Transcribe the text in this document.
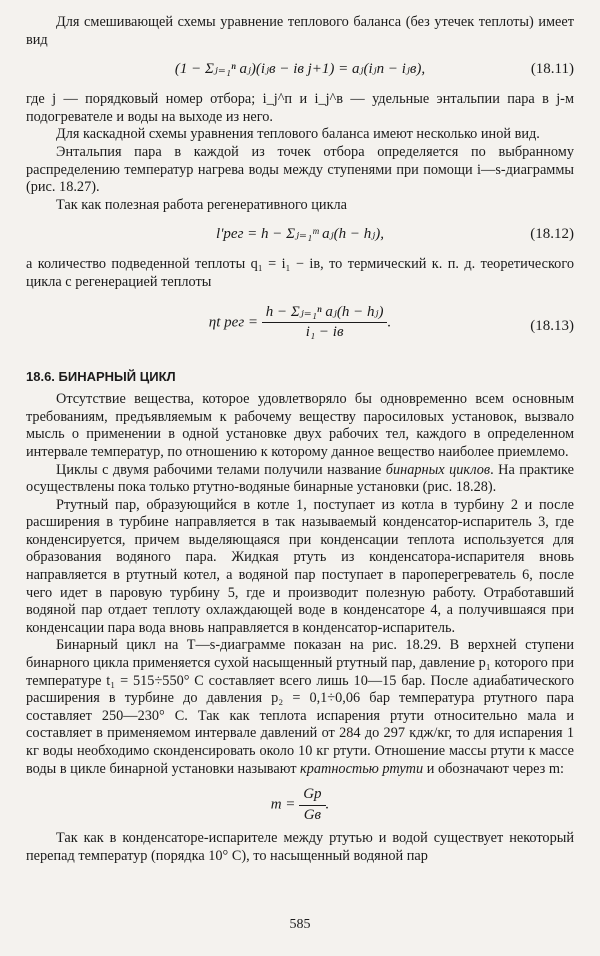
Для смешивающей схемы уравнение теплового баланса (без утечек теплоты) имеет вид

(1 − Σⱼ₌₁ⁿ aⱼ)(iⱼв − iв j+1) = aⱼ(iⱼп − iⱼв),	(18.11)

где j — порядковый номер отбора; i_j^п и i_j^в — удельные энтальпии пара в j-м подогревателе и воды на выходе из него.

Для каскадной схемы уравнения теплового баланса имеют несколько иной вид.

Энтальпия пара в каждой из точек отбора определяется по выбранному распределению температур нагрева воды между ступенями при помощи i—s-диаграммы (рис. 18.27).

Так как полезная работа регенеративного цикла

l'рег = h − Σⱼ₌₁ᵐ aⱼ(h − hⱼ),	(18.12)

а количество подведенной теплоты q₁ = i₁ − iв, то термический к. п. д. теоретического цикла с регенерацией теплоты

ηt рег = $\frac{\text{h − Σⱼ₌₁ⁿ aⱼ(h − hⱼ)}}{\text{i₁ − iв}}$ .	(18.13)
18.6. БИНАРНЫЙ ЦИКЛ

Отсутствие вещества, которое удовлетворяло бы одновременно всем основным требованиям, предъявляемым к рабочему веществу паросиловых установок, вызвало мысль о применении в одной установке двух рабочих тел, каждого в определенном интервале температур, по отношению к которому данное вещество наиболее приемлемо.

Циклы с двумя рабочими телами получили название бинарных циклов. На практике осуществлены пока только ртутно-водяные бинарные установки (рис. 18.28).

Ртутный пар, образующийся в котле 1, поступает из котла в турбину 2 и после расширения в турбине направляется в так называемый конденсатор-испаритель 3, где конденсируется, причем выделяющаяся при конденсации теплота используется для образования водяного пара. Жидкая ртуть из конденсатора-испарителя вновь направляется в ртутный котел, а водяной пар поступает в пароперегреватель 6, после чего идет в паровую турбину 5, где и производит полезную работу. Отработавший водяной пар отдает теплоту охлаждающей воде в конденсаторе 4, а получившаяся при конденсации пара вода вновь направляется в конденсатор-испаритель.

Бинарный цикл на T—s-диаграмме показан на рис. 18.29. В верхней ступени бинарного цикла применяется сухой насыщенный ртутный пар, давление p₁ которого при температуре t₁ = 515÷550° С составляет всего лишь 10—15 бар. После адиабатического расширения в турбине до давления p₂ = 0,1÷0,06 бар температура ртутного пара составляет 250—230° С. Так как теплота испарения ртути относительно мала и составляет в применяемом интервале давлений от 284 до 297 кдж/кг, то для испарения 1 кг воды необходимо сконденсировать около 10 кг ртути. Отношение массы ртути к массе воды в цикле бинарной установки называют кратностью ртути и обозначают через m:

$m = \frac{Gр}{Gв}$ .

Так как в конденсаторе-испарителе между ртутью и водой существует некоторый перепад температур (порядка 10° С), то насыщенный водяной пар

585
